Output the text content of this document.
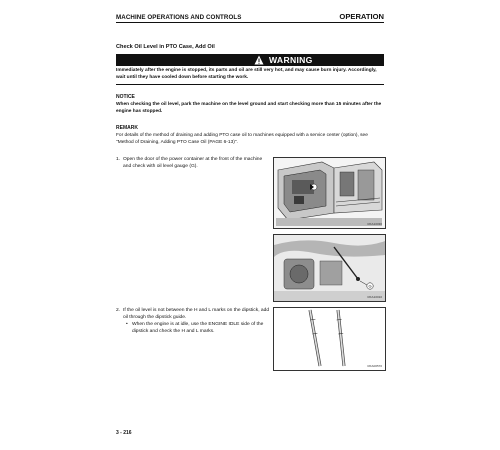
MACHINE OPERATIONS AND CONTROLS	OPERATION
Check Oil Level in PTO Case, Add Oil
WARNING
Immediately after the engine is stopped, its parts and oil are still very hot, and may cause burn injury. Accordingly, wait until they have cooled down before starting the work.
NOTICE
When checking the oil level, park the machine on the level ground and start checking more than 15 minutes after the engine has stopped.
REMARK
For details of the method of draining and adding PTO case oil to machines equipped with a service center (option), see "Method of Draining, Adding PTO Case Oil (PAGE 6-13)".
1. Open the door of the power container at the front of the machine and check with oil level gauge (G).
2. If the oil level is not between the H and L marks on the dipstick, add oil through the dipstick guide.
• When the engine is at idle, use the ENGINE IDLE side of the dipstick and check the H and L marks.
RKA10030
G
RKA10010
RKA00570
3 - 216
